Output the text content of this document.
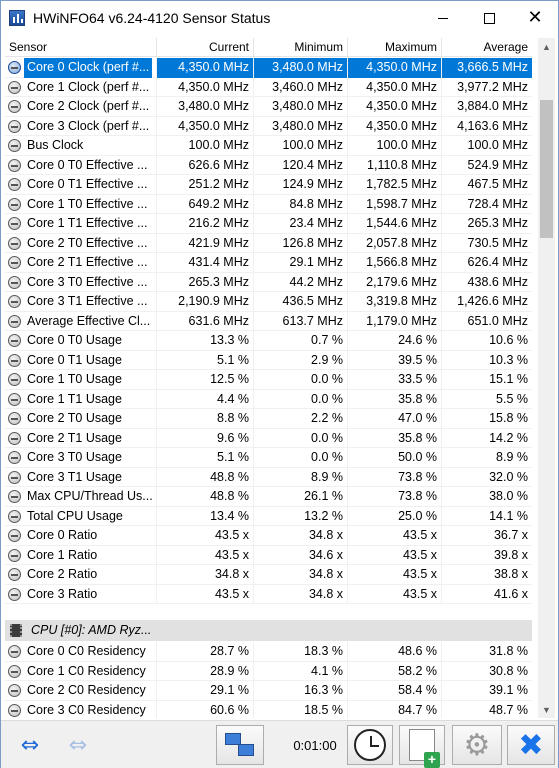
HWiNFO64 v6.24-4120 Sensor Status	✕
Sensor	Current	Minimum	Maximum	Average
Core 0 Clock (perf #...	4,350.0 MHz	3,480.0 MHz	4,350.0 MHz	3,666.5 MHz
Core 1 Clock (perf #...	4,350.0 MHz	3,460.0 MHz	4,350.0 MHz	3,977.2 MHz
Core 2 Clock (perf #...	3,480.0 MHz	3,480.0 MHz	4,350.0 MHz	3,884.0 MHz
Core 3 Clock (perf #...	4,350.0 MHz	3,480.0 MHz	4,350.0 MHz	4,163.6 MHz
Bus Clock	100.0 MHz	100.0 MHz	100.0 MHz	100.0 MHz
Core 0 T0 Effective ...	626.6 MHz	120.4 MHz	1,110.8 MHz	524.9 MHz
Core 0 T1 Effective ...	251.2 MHz	124.9 MHz	1,782.5 MHz	467.5 MHz
Core 1 T0 Effective ...	649.2 MHz	84.8 MHz	1,598.7 MHz	728.4 MHz
Core 1 T1 Effective ...	216.2 MHz	23.4 MHz	1,544.6 MHz	265.3 MHz
Core 2 T0 Effective ...	421.9 MHz	126.8 MHz	2,057.8 MHz	730.5 MHz
Core 2 T1 Effective ...	431.4 MHz	29.1 MHz	1,566.8 MHz	626.4 MHz
Core 3 T0 Effective ...	265.3 MHz	44.2 MHz	2,179.6 MHz	438.6 MHz
Core 3 T1 Effective ...	2,190.9 MHz	436.5 MHz	3,319.8 MHz	1,426.6 MHz
Average Effective Cl...	631.6 MHz	613.7 MHz	1,179.0 MHz	651.0 MHz
Core 0 T0 Usage	13.3 %	0.7 %	24.6 %	10.6 %
Core 0 T1 Usage	5.1 %	2.9 %	39.5 %	10.3 %
Core 1 T0 Usage	12.5 %	0.0 %	33.5 %	15.1 %
Core 1 T1 Usage	4.4 %	0.0 %	35.8 %	5.5 %
Core 2 T0 Usage	8.8 %	2.2 %	47.0 %	15.8 %
Core 2 T1 Usage	9.6 %	0.0 %	35.8 %	14.2 %
Core 3 T0 Usage	5.1 %	0.0 %	50.0 %	8.9 %
Core 3 T1 Usage	48.8 %	8.9 %	73.8 %	32.0 %
Max CPU/Thread Us...	48.8 %	26.1 %	73.8 %	38.0 %
Total CPU Usage	13.4 %	13.2 %	25.0 %	14.1 %
Core 0 Ratio	43.5 x	34.8 x	43.5 x	36.7 x
Core 1 Ratio	43.5 x	34.6 x	43.5 x	39.8 x
Core 2 Ratio	34.8 x	34.8 x	43.5 x	38.8 x
Core 3 Ratio	43.5 x	34.8 x	43.5 x	41.6 x
CPU [#0]: AMD Ryz...
Core 0 C0 Residency	28.7 %	18.3 %	48.6 %	31.8 %
Core 1 C0 Residency	28.9 %	4.1 %	58.2 %	30.8 %
Core 2 C0 Residency	29.1 %	16.3 %	58.4 %	39.1 %
Core 3 C0 Residency	60.6 %	18.5 %	84.7 %	48.7 %
▲
▼
⇔ ⇔	0:01:00
+	⚙ ✖
